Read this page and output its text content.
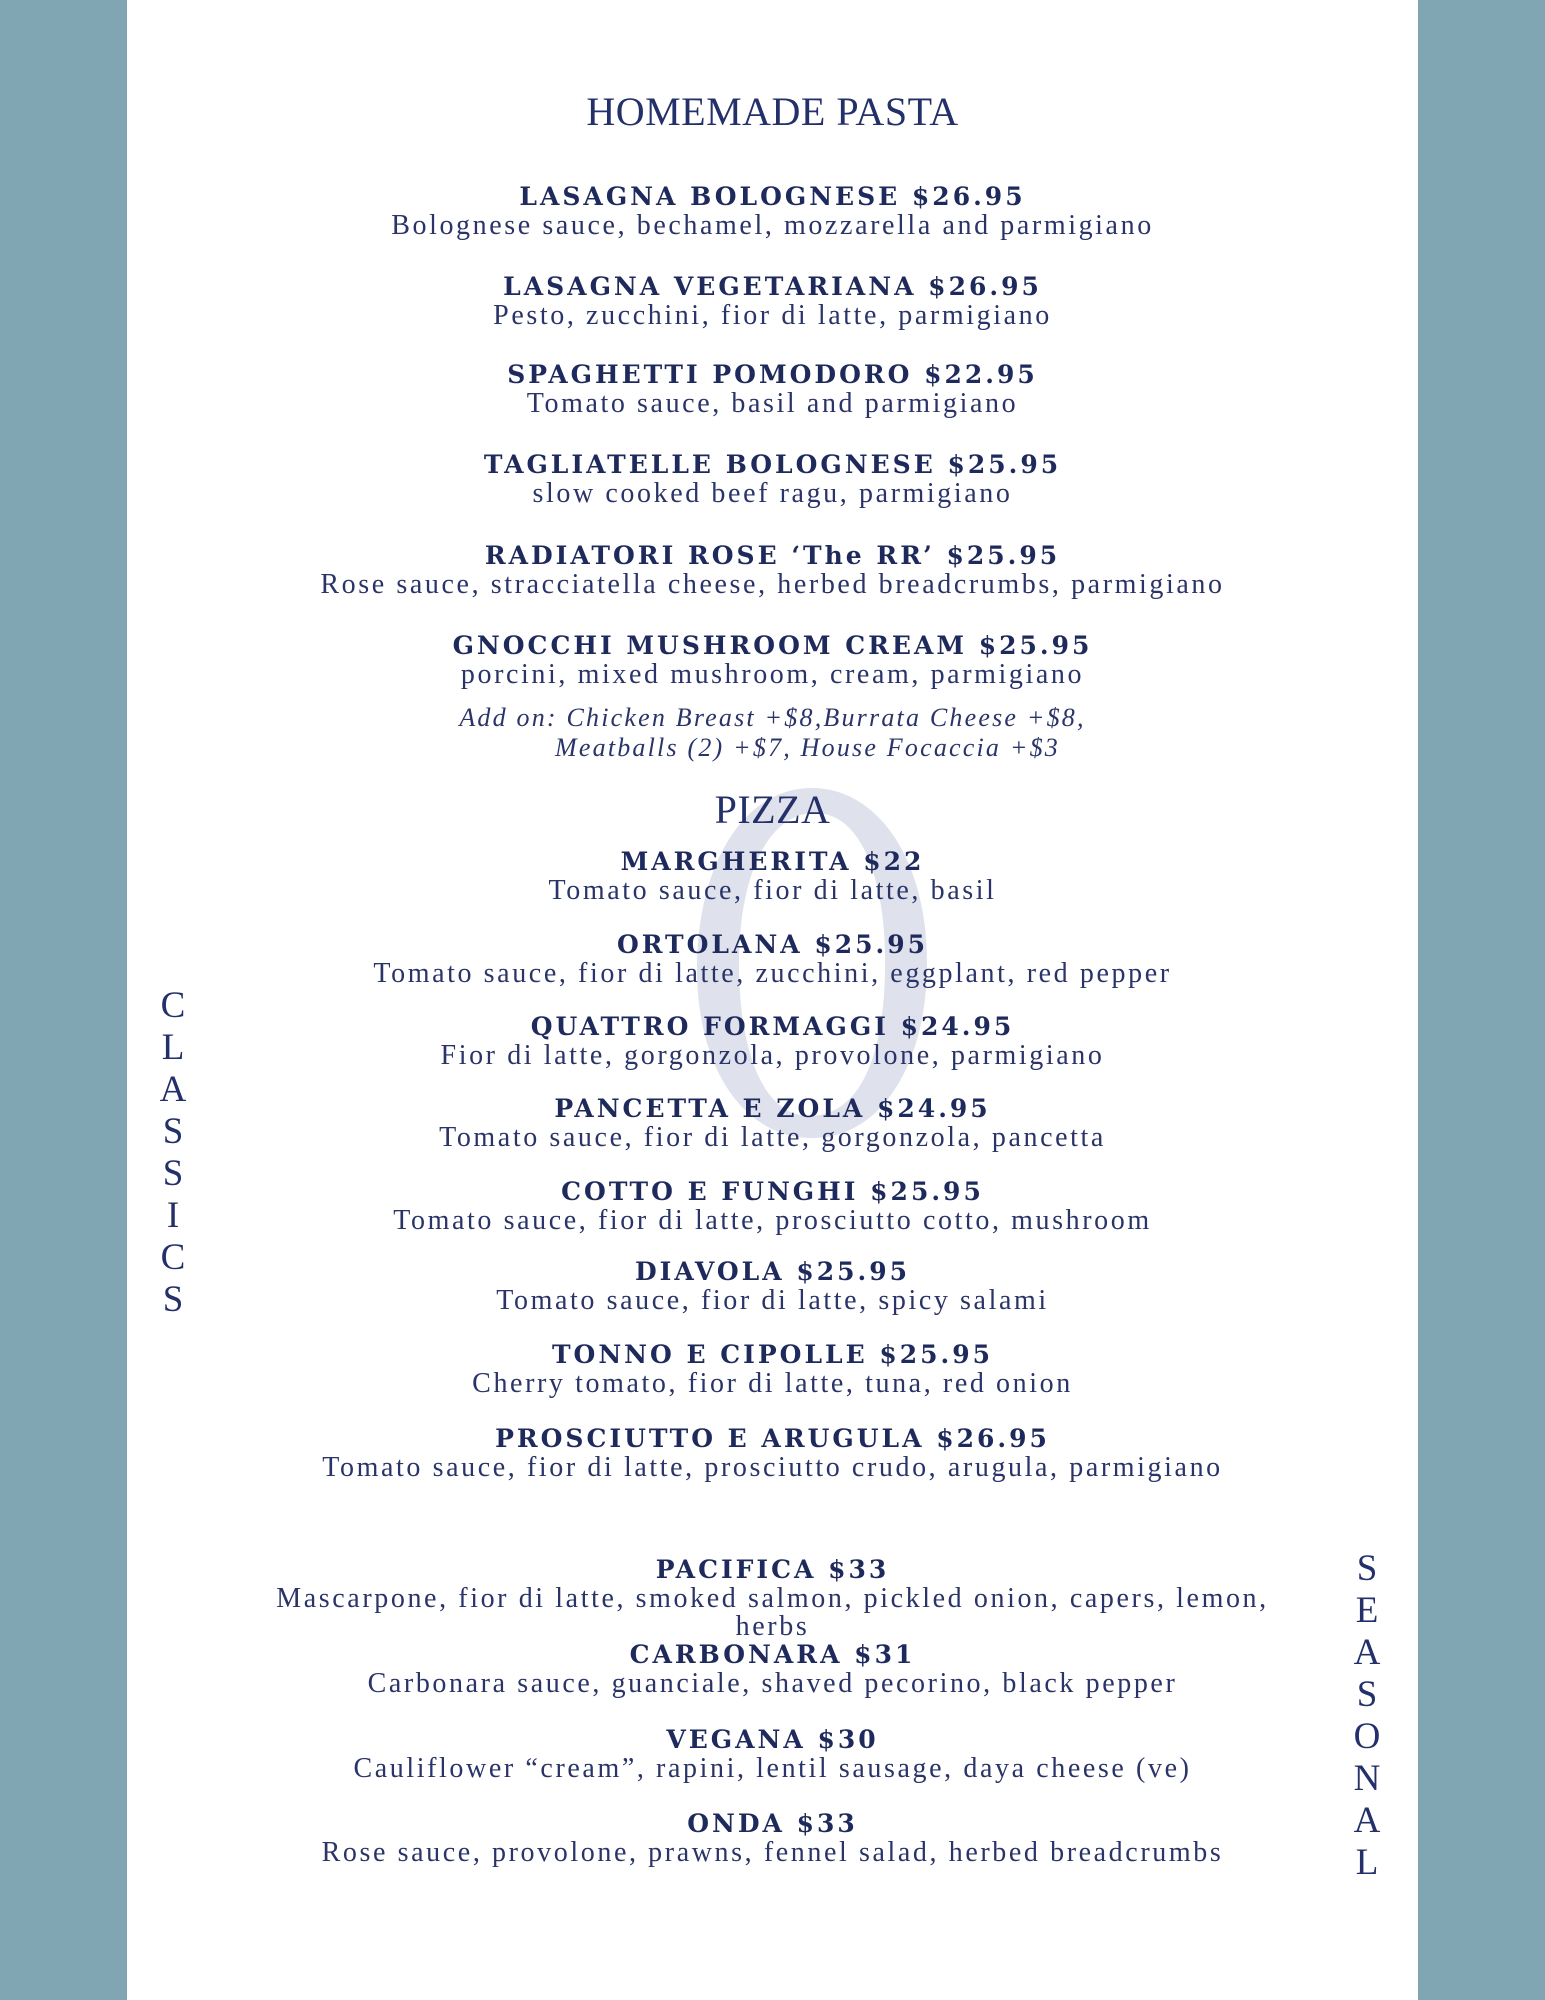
HOMEMADE PASTA
LASAGNA BOLOGNESE $26.95
Bolognese sauce, bechamel, mozzarella and parmigiano
LASAGNA VEGETARIANA $26.95
Pesto, zucchini, fior di latte, parmigiano
SPAGHETTI POMODORO $22.95
Tomato sauce, basil and parmigiano
TAGLIATELLE BOLOGNESE $25.95
slow cooked beef ragu, parmigiano
RADIATORI ROSE ‘The RR’ $25.95
Rose sauce, stracciatella cheese, herbed breadcrumbs, parmigiano
GNOCCHI MUSHROOM CREAM $25.95
porcini, mixed mushroom, cream, parmigiano
Add on: Chicken Breast +$8,Burrata Cheese +$8,
Meatballs (2) +$7, House Focaccia +$3
PIZZA
MARGHERITA $22
Tomato sauce, fior di latte, basil
ORTOLANA $25.95
Tomato sauce, fior di latte, zucchini, eggplant, red pepper
QUATTRO FORMAGGI $24.95
Fior di latte, gorgonzola, provolone, parmigiano
PANCETTA E ZOLA $24.95
Tomato sauce, fior di latte, gorgonzola, pancetta
COTTO E FUNGHI $25.95
Tomato sauce, fior di latte, prosciutto cotto, mushroom
DIAVOLA $25.95
Tomato sauce, fior di latte, spicy salami
TONNO E CIPOLLE $25.95
Cherry tomato, fior di latte, tuna, red onion
PROSCIUTTO E ARUGULA $26.95
Tomato sauce, fior di latte, prosciutto crudo, arugula, parmigiano
PACIFICA $33
Mascarpone, fior di latte, smoked salmon, pickled onion, capers, lemon, herbs
CARBONARA $31
Carbonara sauce, guanciale, shaved pecorino, black pepper
VEGANA $30
Cauliflower “cream”, rapini, lentil sausage, daya cheese (ve)
ONDA $33
Rose sauce, provolone, prawns, fennel salad, herbed breadcrumbs
C
L
A
S
S
I
C
S
S
E
A
S
O
N
A
L
